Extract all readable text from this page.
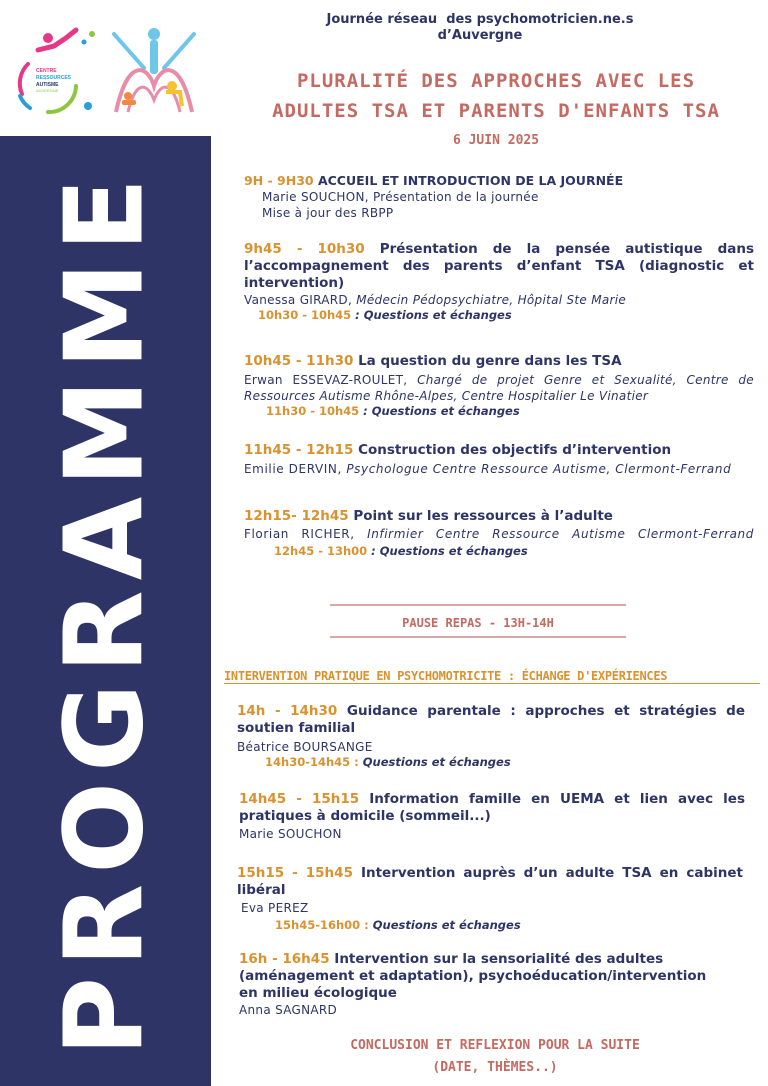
CENTRE
RESSOURCES
AUTISME
AUVERGNE
Journée réseau  des psychomotricien.ne.s
d’Auvergne
PLURALITÉ DES APPROCHES AVEC LES
ADULTES TSA ET PARENTS D'ENFANTS TSA
6 JUIN 2025
PROGRAMME	9H - 9H30 ACCUEIL ET INTRODUCTION DE LA JOURNÉE
Marie SOUCHON, Présentation de la journée
Mise à jour des RBPP
9h45 - 10h30 Présentation de la pensée autistique dans l’accompagnement des parents d’enfant TSA (diagnostic et intervention)
Vanessa GIRARD, Médecin Pédopsychiatre, Hôpital Ste Marie
10h30 - 10h45 : Questions et échanges
10h45 - 11h30 La question du genre dans les TSA
Erwan ESSEVAZ-ROULET, Chargé de projet Genre et Sexualité, Centre de Ressources Autisme Rhône-Alpes, Centre Hospitalier Le Vinatier
11h30 - 10h45 : Questions et échanges
11h45 - 12h15 Construction des objectifs d’intervention
Emilie DERVIN, Psychologue Centre Ressource Autisme, Clermont-Ferrand
12h15- 12h45 Point sur les ressources à l’adulte
Florian RICHER, Infirmier Centre Ressource Autisme Clermont-Ferrand
12h45 - 13h00 : Questions et échanges
PAUSE REPAS - 13H-14H
INTERVENTION PRATIQUE EN PSYCHOMOTRICITE : ÉCHANGE D'EXPÉRIENCES
14h - 14h30 Guidance parentale : approches et stratégies de soutien familial
Béatrice BOURSANGE
14h30-14h45 : Questions et échanges
14h45 - 15h15 Information famille en UEMA et lien avec les pratiques à domicile (sommeil...)
Marie SOUCHON
15h15 - 15h45 Intervention auprès d’un adulte TSA en cabinet libéral
Eva PEREZ
15h45-16h00 : Questions et échanges
16h - 16h45 Intervention sur la sensorialité des adultes (aménagement et adaptation), psychoéducation/intervention en milieu écologique
Anna SAGNARD
CONCLUSION ET REFLEXION POUR LA SUITE
(DATE, THÈMES..)
